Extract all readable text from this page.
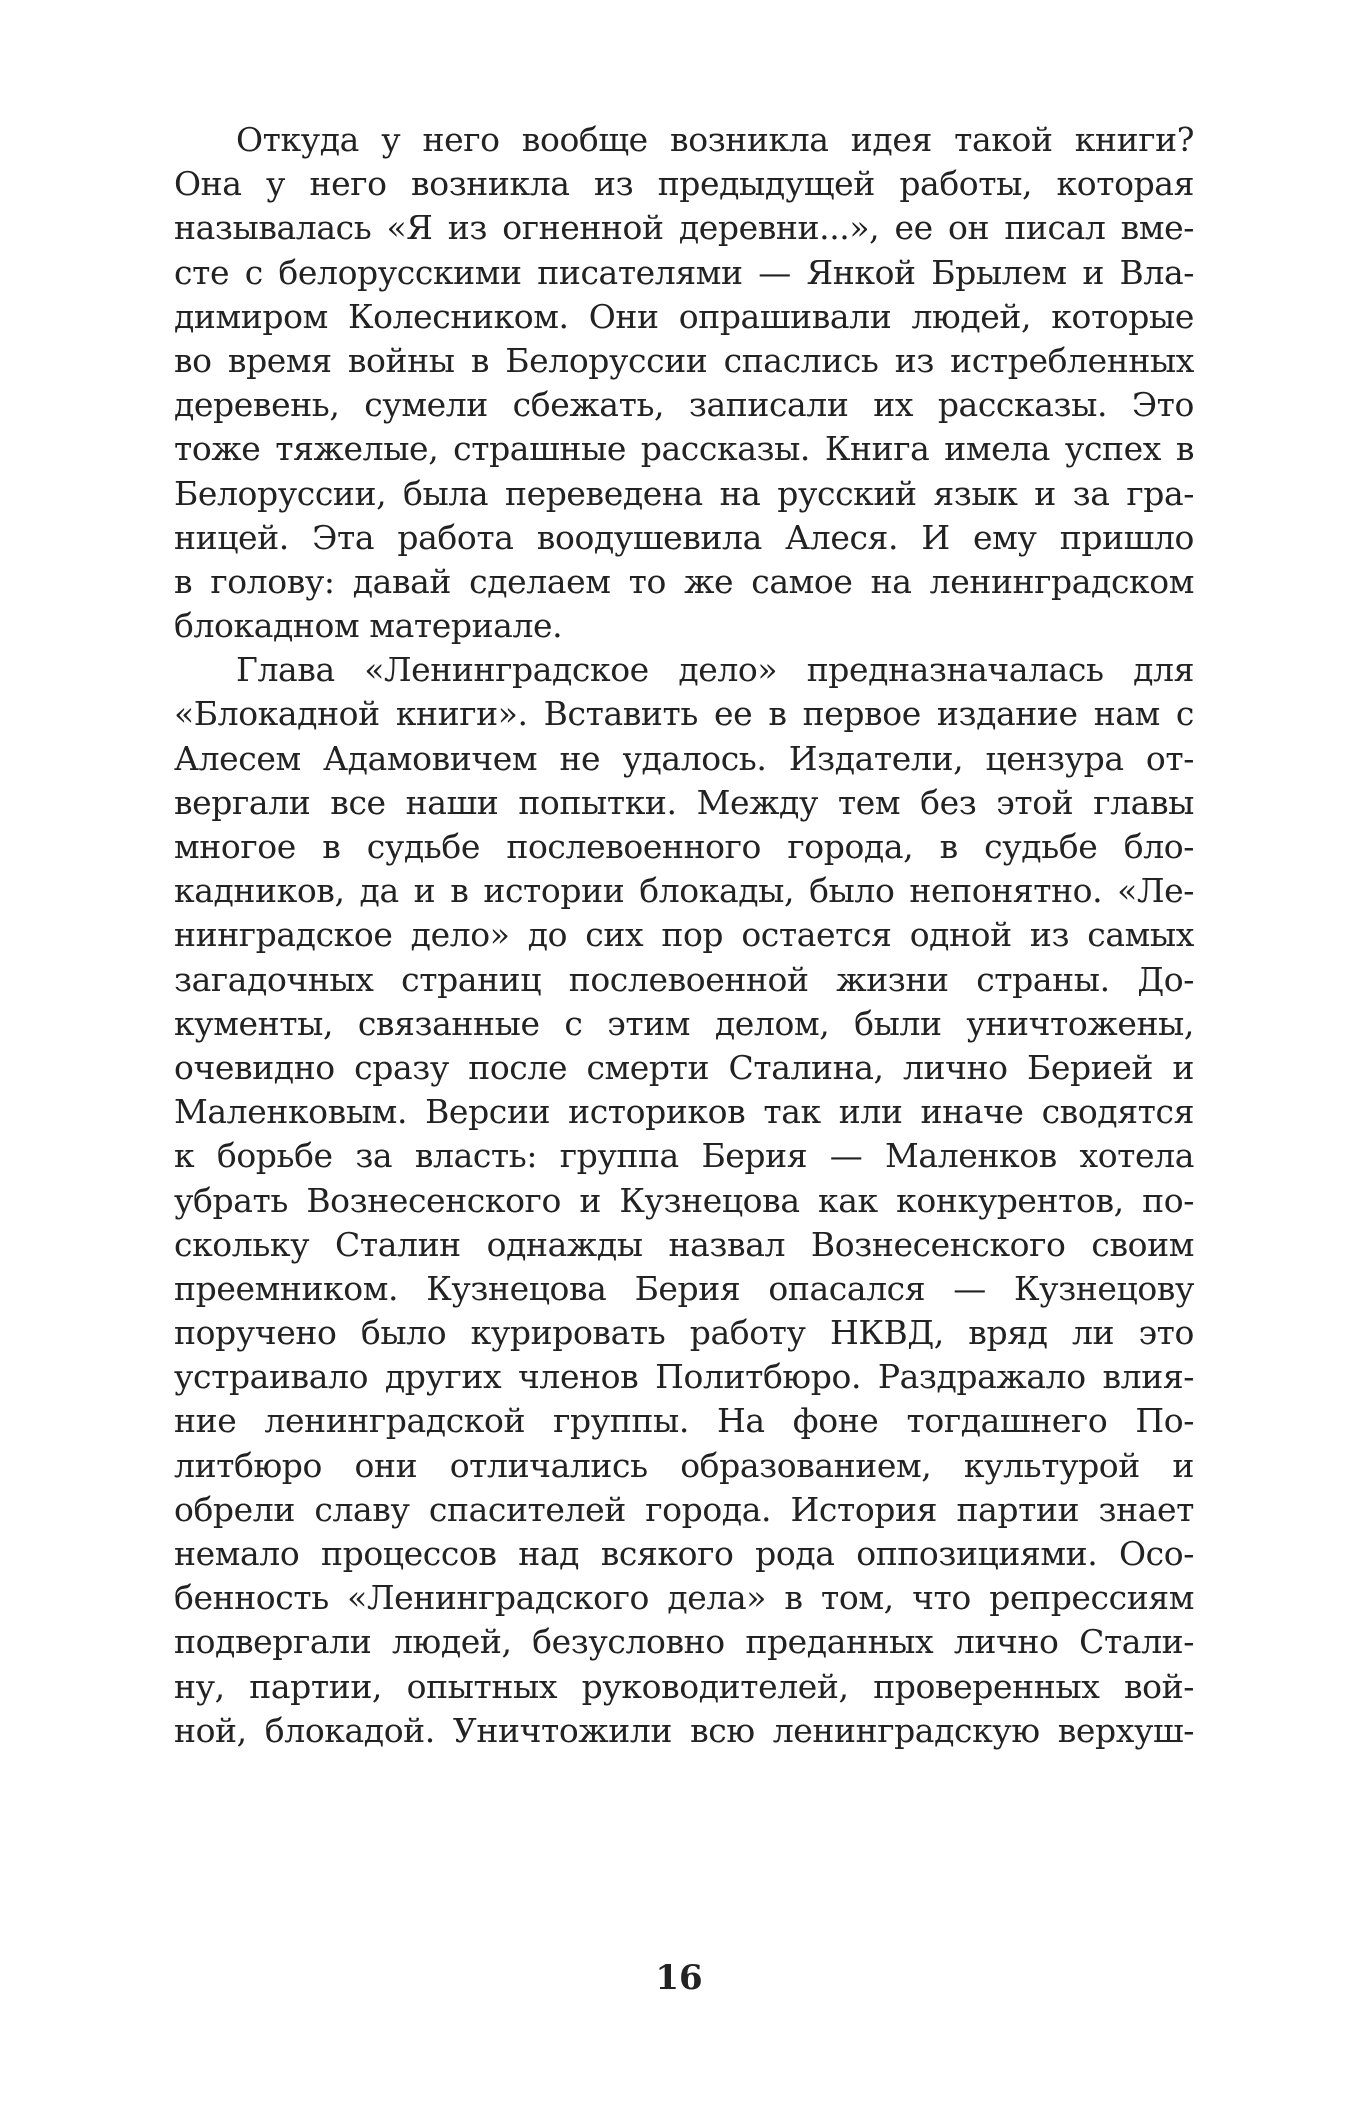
Откуда у него вообще возникла идея такой книги?
Она у него возникла из предыдущей работы, которая
называлась «Я из огненной деревни...», ее он писал вме-
сте с белорусскими писателями — Янкой Брылем и Вла-
димиром Колесником. Они опрашивали людей, которые
во время войны в Белоруссии спаслись из истребленных
деревень, сумели сбежать, записали их рассказы. Это
тоже тяжелые, страшные рассказы. Книга имела успех в
Белоруссии, была переведена на русский язык и за гра-
ницей. Эта работа воодушевила Алеся. И ему пришло
в голову: давай сделаем то же самое на ленинградском
блокадном материале.
Глава «Ленинградское дело» предназначалась для
«Блокадной книги». Вставить ее в первое издание нам с
Алесем Адамовичем не удалось. Издатели, цензура от-
вергали все наши попытки. Между тем без этой главы
многое в судьбе послевоенного города, в судьбе бло-
кадников, да и в истории блокады, было непонятно. «Ле-
нинградское дело» до сих пор остается одной из самых
загадочных страниц послевоенной жизни страны. До-
кументы, связанные с этим делом, были уничтожены,
очевидно сразу после смерти Сталина, лично Берией и
Маленковым. Версии историков так или иначе сводятся
к борьбе за власть: группа Берия — Маленков хотела
убрать Вознесенского и Кузнецова как конкурентов, по-
скольку Сталин однажды назвал Вознесенского своим
преемником. Кузнецова Берия опасался — Кузнецову
поручено было курировать работу НКВД, вряд ли это
устраивало других членов Политбюро. Раздражало влия-
ние ленинградской группы. На фоне тогдашнего По-
литбюро они отличались образованием, культурой и
обрели славу спасителей города. История партии знает
немало процессов над всякого рода оппозициями. Осо-
бенность «Ленинградского дела» в том, что репрессиям
подвергали людей, безусловно преданных лично Стали-
ну, партии, опытных руководителей, проверенных вой-
ной, блокадой. Уничтожили всю ленинградскую верхуш-
16
